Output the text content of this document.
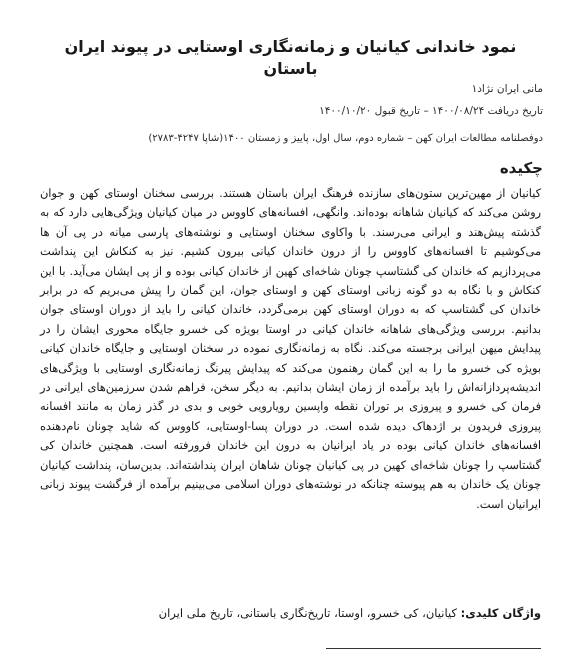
نمود خاندانی کیانیان و زمانه‌نگاری اوستایی در پیوند ایران باستان
مانی ایران نژاد۱
تاریخ دریافت ۱۴۰۰/۰۸/۲۴ – تاریخ قبول ۱۴۰۰/۱۰/۲۰
دوفصلنامه مطالعات ایران کهن – شماره دوم، سال اول، پاییز و زمستان ۱۴۰۰(شاپا ۴۲۴۷-۲۷۸۳)
چکیده
کیانیان از مهین‌ترین ستون‌های سازنده فرهنگ ایران باستان هستند. بررسی سخنان اوستای کهن و جوان روشن می‌کند که کیانیان شاهانه بوده‌اند. وانگهی، افسانه‌های کاووس در میان کیانیان ویژگی‌هایی دارد که به گذشته پیش‌هند و ایرانی می‌رسند. با واکاوی سخنان اوستایی و نوشته‌های پارسی میانه در پی آن ها می‌کوشیم تا افسانه‌های کاووس را از درون خاندان کیانی بیرون کشیم. نیز به کنکاش این پنداشت می‌پردازیم که خاندان کی گشتاسپ چونان شاخه‌ای کهین از خاندان کیانی بوده و از پی ایشان می‌آید. با این کنکاش و با نگاه به دو گونه زبانی اوستای کهن و اوستای جوان، این گمان را پیش می‌بریم که در برابر خاندان کی گشتاسپ که به دوران اوستای کهن برمی‌گردد، خاندان کیانی را باید از دوران اوستای جوان بدانیم. بررسی ویژگی‌های شاهانه خاندان کیانی در اوستا بویژه کی خسرو جایگاه محوری ایشان را در پیدایش میهن ایرانی برجسته می‌کند. نگاه به زمانه‌نگاری نموده در سخنان اوستایی و جایگاه خاندان کیانی بویژه کی خسرو ما را به این گمان رهنمون می‌کند که پیدایش پیرنگ زمانه‌نگاری اوستایی با ویژگی‌های اندیشه‌پردازانه‌اش را باید برآمده از زمان ایشان بدانیم. به دیگر سخن، فراهم شدن سرزمین‌های ایرانی در فرمان کی خسرو و پیروزی بر توران نقطه واپسین رویارویی خوبی و بدی در گذر زمان به مانند افسانه پیروزی فریدون بر اژدهاک دیده شده است. در دوران پسا-اوستایی، کاووس که شاید چونان نام‌دهنده افسانه‌های خاندان کیانی بوده در یاد ایرانیان به درون این خاندان فرورفته است. همچنین خاندان کی گشتاسپ را چونان شاخه‌ای کهین در پی کیانیان چونان شاهان ایران پنداشته‌اند. بدین‌سان، پنداشت کیانیان چونان یک خاندان به هم پیوسته چنانکه در نوشته‌های دوران اسلامی می‌بینیم برآمده از فرگشت پیوند زبانی ایرانیان است.
واژگان کلیدی: کیانیان، کی خسرو، اوستا، تاریخ‌نگاری باستانی، تاریخ ملی ایران
